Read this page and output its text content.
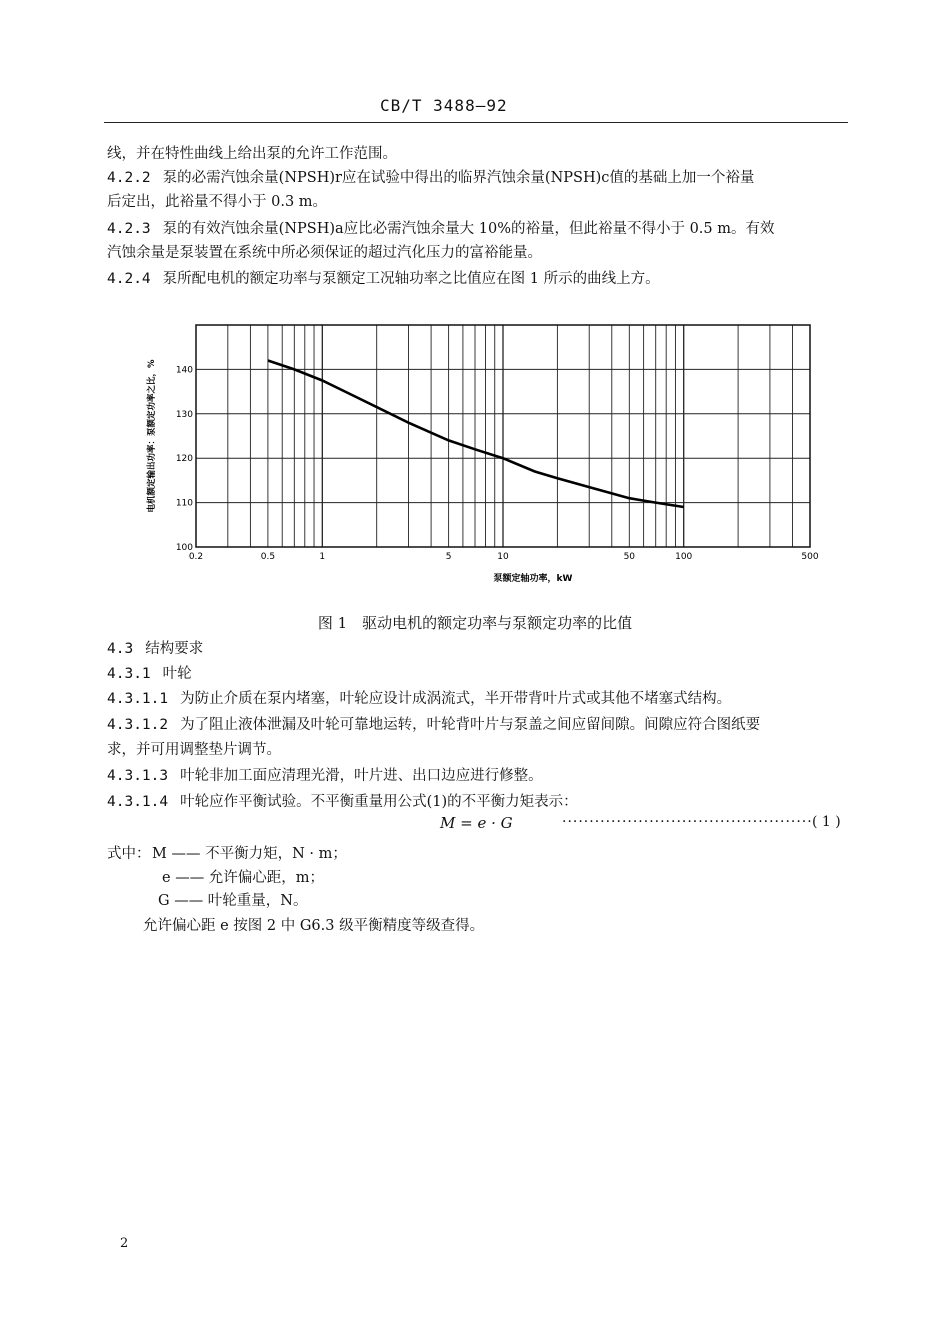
CB/T 3488—92
线，并在特性曲线上给出泵的允许工作范围。
4.2.2 泵的必需汽蚀余量(NPSH)r应在试验中得出的临界汽蚀余量(NPSH)c值的基础上加一个裕量
后定出，此裕量不得小于 0.3 m。
4.2.3 泵的有效汽蚀余量(NPSH)a应比必需汽蚀余量大 10%的裕量，但此裕量不得小于 0.5 m。有效
汽蚀余量是泵装置在系统中所必须保证的超过汽化压力的富裕能量。
4.2.4 泵所配电机的额定功率与泵额定工况轴功率之比值应在图 1 所示的曲线上方。
100
110
120
130
140
0.2	0.5	1	5	10	50	100	500
电机额定输出功率：泵额定功率之比，%
泵额定轴功率，kW
图 1　驱动电机的额定功率与泵额定功率的比值
4.3 结构要求
4.3.1 叶轮
4.3.1.1 为防止介质在泵内堵塞，叶轮应设计成涡流式，半开带背叶片式或其他不堵塞式结构。
4.3.1.2 为了阻止液体泄漏及叶轮可靠地运转，叶轮背叶片与泵盖之间应留间隙。间隙应符合图纸要
求，并可用调整垫片调节。
4.3.1.3 叶轮非加工面应清理光滑，叶片进、出口边应进行修整。
4.3.1.4 叶轮应作平衡试验。不平衡重量用公式(1)的不平衡力矩表示：
M = e · G	·············································· ( 1 )
式中： M —— 不平衡力矩，N · m；
e —— 允许偏心距，m；
G —— 叶轮重量，N。
允许偏心距 e 按图 2 中 G6.3 级平衡精度等级查得。
2
